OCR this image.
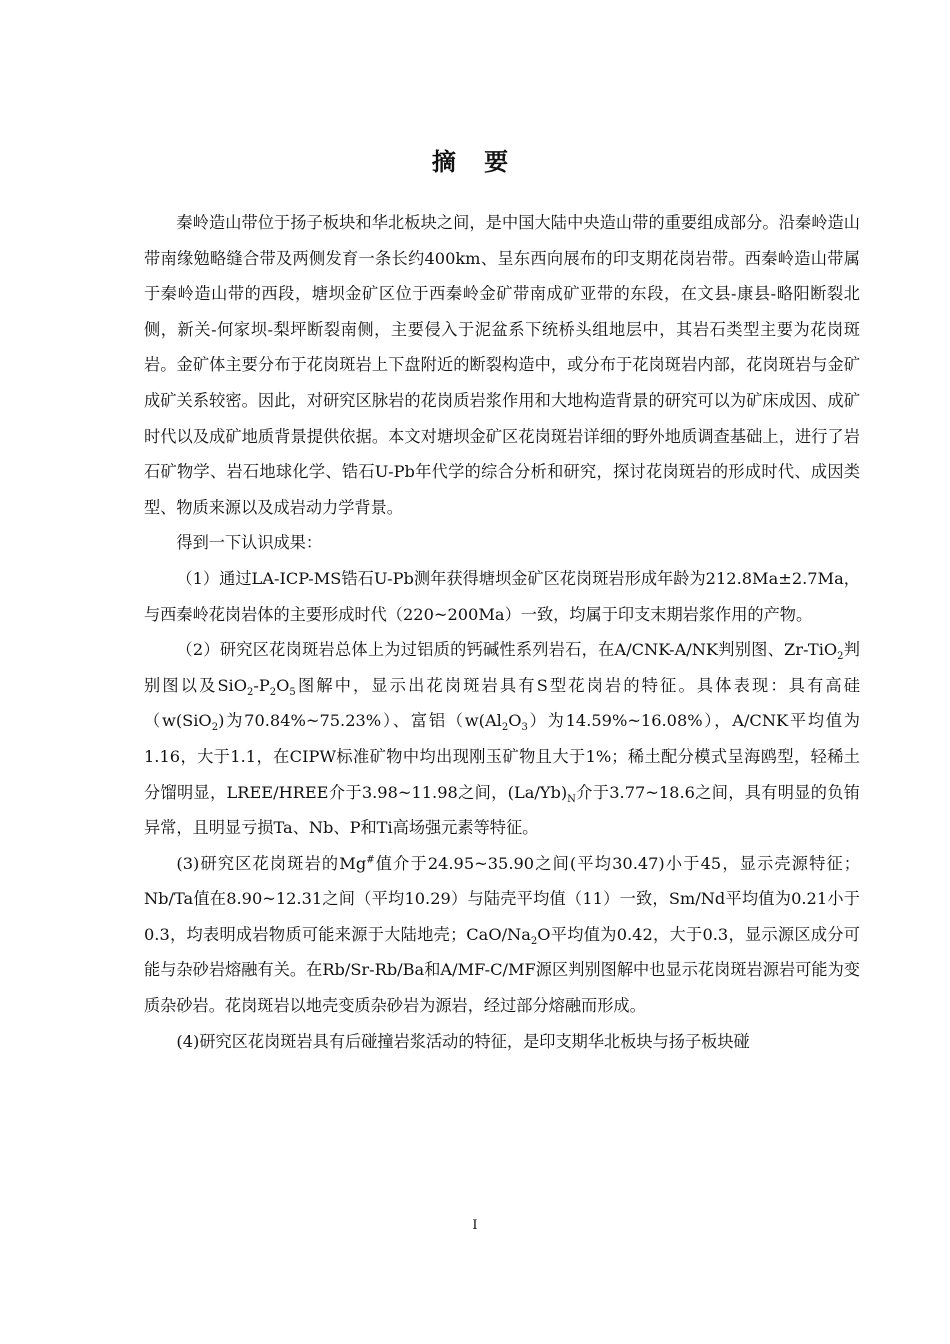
摘 要

秦岭造山带位于扬子板块和华北板块之间，是中国大陆中央造山带的重要组成部分。沿秦岭造山带南缘勉略缝合带及两侧发育一条长约400km、呈东西向展布的印支期花岗岩带。西秦岭造山带属于秦岭造山带的西段，塘坝金矿区位于西秦岭金矿带南成矿亚带的东段，在文县-康县-略阳断裂北侧，新关-何家坝-梨坪断裂南侧，主要侵入于泥盆系下统桥头组地层中，其岩石类型主要为花岗斑岩。金矿体主要分布于花岗斑岩上下盘附近的断裂构造中，或分布于花岗斑岩内部，花岗斑岩与金矿成矿关系较密。因此，对研究区脉岩的花岗质岩浆作用和大地构造背景的研究可以为矿床成因、成矿时代以及成矿地质背景提供依据。本文对塘坝金矿区花岗斑岩详细的野外地质调查基础上，进行了岩石矿物学、岩石地球化学、锆石U-Pb年代学的综合分析和研究，探讨花岗斑岩的形成时代、成因类型、物质来源以及成岩动力学背景。

得到一下认识成果：

（1）通过LA-ICP-MS锆石U-Pb测年获得塘坝金矿区花岗斑岩形成年龄为212.8Ma±2.7Ma，与西秦岭花岗岩体的主要形成时代（220~200Ma）一致，均属于印支末期岩浆作用的产物。

（2）研究区花岗斑岩总体上为过铝质的钙碱性系列岩石，在A/CNK-A/NK判别图、Zr-TiO$_2$判别图以及$SiO_2-P_2O_5$图解中，显示出花岗斑岩具有S型花岗岩的特征。具体表现：具有高硅（w(SiO$_2$)为70.84%~75.23%）、富铝（$w(Al_2O_3)$为14.59%~16.08%），A/CNK平均值为1.16，大于1.1，在CIPW标准矿物中均出现刚玉矿物且大于1%；稀土配分模式呈海鸥型，轻稀土分馏明显，LREE/HREE介于3.98~11.98之间，$(La/Yb)_N$介于3.77~18.6之间，具有明显的负铕异常，且明显亏损Ta、Nb、P和Ti高场强元素等特征。

(3)研究区花岗斑岩的Mg#值介于24.95~35.90之间(平均30.47)小于45，显示壳源特征；Nb/Ta值在8.90~12.31之间（平均10.29）与陆壳平均值（11）一致，Sm/Nd平均值为0.21小于0.3，均表明成岩物质可能来源于大陆地壳；CaO/$Na_2O$平均值为0.42，大于0.3，显示源区成分可能与杂砂岩熔融有关。在Rb/Sr-Rb/Ba和A/MF-C/MF源区判别图解中也显示花岗斑岩源岩可能为变质杂砂岩。花岗斑岩以地壳变质杂砂岩为源岩，经过部分熔融而形成。

(4)研究区花岗斑岩具有后碰撞岩浆活动的特征，是印支期华北板块与扬子板块碰

I
